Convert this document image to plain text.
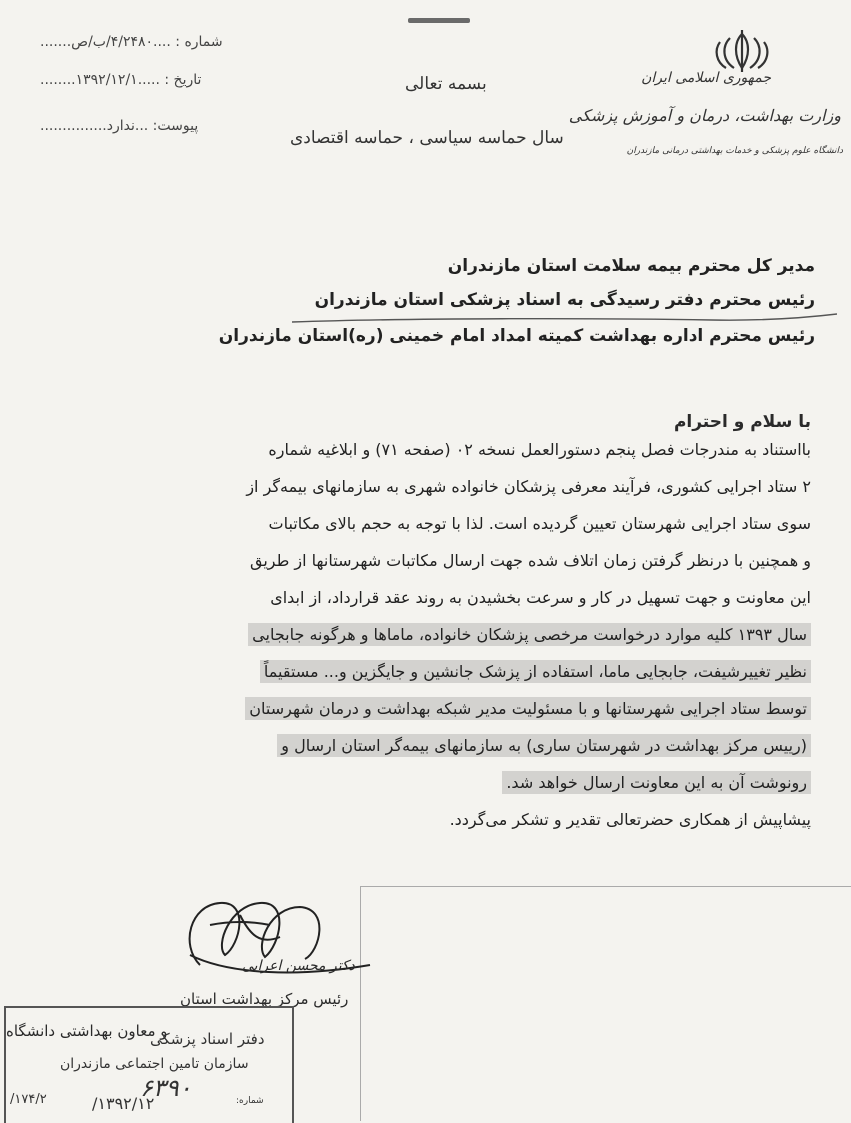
شماره : ....۴/۲۴۸۰/ب/ص.......
تاریخ : .....۱۳۹۲/۱۲/۱........
پیوست: ...ندارد...............
بسمه تعالی
سال حماسه سیاسی ، حماسه اقتصادی
جمهوری اسلامی ایران
وزارت بهداشت، درمان و آموزش پزشکی
دانشگاه علوم پزشکی و خدمات بهداشتی درمانی مازندران
مدیر کل محترم بیمه سلامت استان مازندران
رئیس محترم دفتر رسیدگی به اسناد پزشکی استان مازندران
رئیس محترم اداره بهداشت کمیته امداد امام خمینی (ره)استان مازندران
با سلام و احترام
بااستناد به مندرجات فصل پنجم دستورالعمل نسخه ۰۲ (صفحه ۷۱) و ابلاغیه شماره
۲ ستاد اجرایی کشوری، فرآیند معرفی پزشکان خانواده شهری به سازمانهای بیمه‌گر از
سوی ستاد اجرایی شهرستان تعیین گردیده است. لذا با توجه به حجم بالای مکاتبات
و همچنین با درنظر گرفتن زمان اتلاف شده جهت ارسال مکاتبات شهرستانها از طریق
این معاونت و جهت تسهیل در کار و سرعت بخشیدن به روند عقد قرارداد، از ابدای
سال ۱۳۹۳ کلیه موارد درخواست مرخصی پزشکان خانواده، ماماها و هرگونه جابجایی
نظیر تغییرشیفت، جابجایی ماما، استفاده از پزشک جانشین و جایگزین و... مستقیماً
توسط ستاد اجرایی شهرستانها و با مسئولیت مدیر شبکه بهداشت و درمان شهرستان
(رییس مرکز بهداشت در شهرستان ساری) به سازمانهای بیمه‌گر استان ارسال و
رونوشت آن به این معاونت ارسال خواهد شد.
پیشاپیش از همکاری حضرتعالی تقدیر و تشکر می‌گردد.
دکتر محسن اعرابی
رئیس مرکز بهداشت استان
و معاون بهداشتی دانشگاه
دفتر اسناد پزشکی
سازمان تامین اجتماعی مازندران
۱۷۴/۲/	۱۳۹۲/۱۲/	شماره:
۶۳۹۰
